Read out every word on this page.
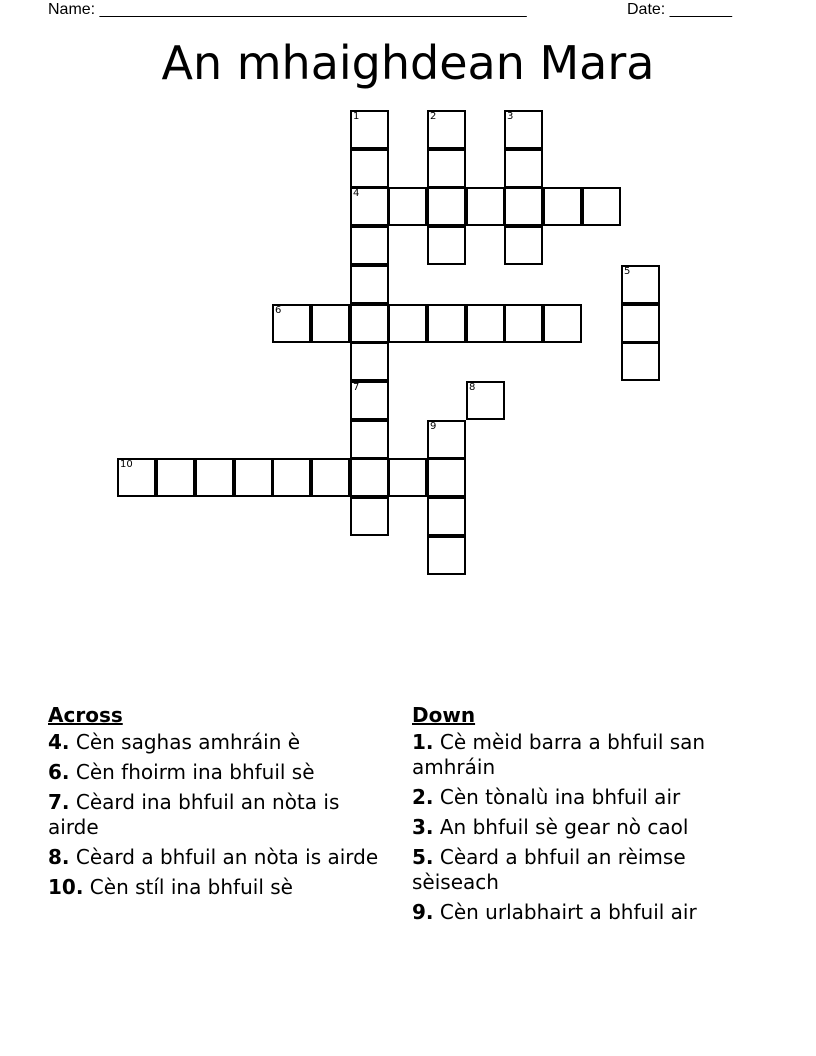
Name: ________________________________________________	Date: _______
An mhaighdean Mara
1	2	3
4
5
6
7	8
9
10
Across
4. Cèn saghas amhráin è
6. Cèn fhoirm ina bhfuil sè
7. Cèard ina bhfuil an nòta is airde
8. Cèard a bhfuil an nòta is airde
10. Cèn stíl ina bhfuil sè
Down
1. Cè mèid barra a bhfuil san amhráin
2. Cèn tònalù ina bhfuil air
3. An bhfuil sè gear nò caol
5. Cèard a bhfuil an rèimse sèiseach
9. Cèn urlabhairt a bhfuil air
